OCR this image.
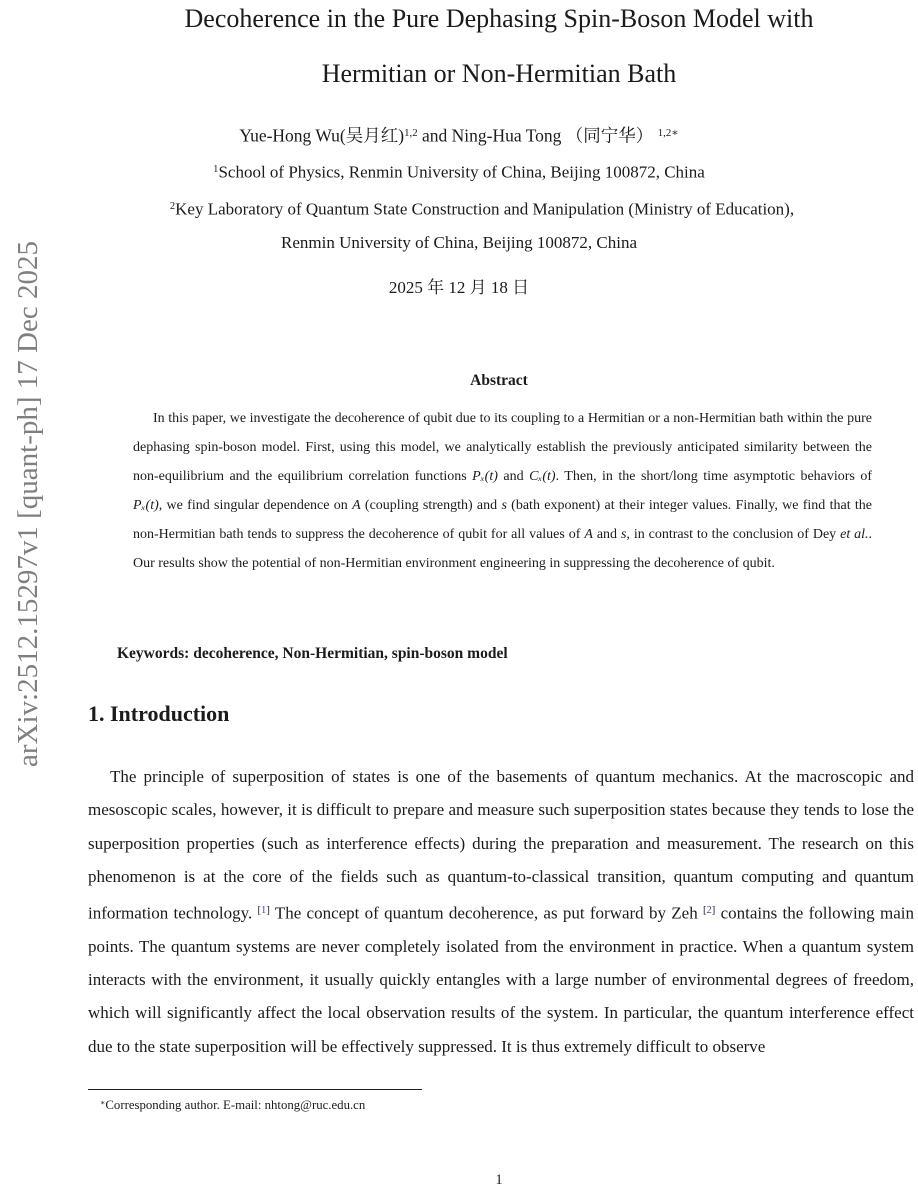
arXiv:2512.15297v1 [quant-ph] 17 Dec 2025
Decoherence in the Pure Dephasing Spin-Boson Model with
Hermitian or Non-Hermitian Bath
Yue-Hong Wu(吴月红)$^{1,2}$ and Ning-Hua Tong （同宁华） $^{1,2∗}$
$^1$School of Physics, Renmin University of China, Beijing 100872, China
$^2$Key Laboratory of Quantum State Construction and Manipulation (Ministry of Education),
Renmin University of China, Beijing 100872, China
2025 年 12 月 18 日
Abstract
In this paper, we investigate the decoherence of qubit due to its coupling to a Hermitian or a non-Hermitian bath within the pure dephasing spin-boson model. First, using this model, we analytically establish the previously anticipated similarity between the non-equilibrium and the equilibrium correlation functions Pₓ(t) and Cₓ(t). Then, in the short/long time asymptotic behaviors of Pₓ(t), we find singular dependence on A (coupling strength) and s (bath exponent) at their integer values. Finally, we find that the non-Hermitian bath tends to suppress the decoherence of qubit for all values of A and s, in contrast to the conclusion of Dey et al.. Our results show the potential of non-Hermitian environment engineering in suppressing the decoherence of qubit.
Keywords: decoherence, Non-Hermitian, spin-boson model
1. Introduction
The principle of superposition of states is one of the basements of quantum mechanics. At the macroscopic and mesoscopic scales, however, it is difficult to prepare and measure such superposition states because they tends to lose the superposition properties (such as interference effects) during the preparation and measurement. The research on this phenomenon is at the core of the fields such as quantum-to-classical transition, quantum computing and quantum information technology. [1] The concept of quantum decoherence, as put forward by Zeh [2] contains the following main points. The quantum systems are never completely isolated from the environment in practice. When a quantum system interacts with the environment, it usually quickly entangles with a large number of environmental degrees of freedom, which will significantly affect the local observation results of the system. In particular, the quantum interference effect due to the state superposition will be effectively suppressed. It is thus extremely difficult to observe
∗Corresponding author. E-mail: nhtong@ruc.edu.cn
1
